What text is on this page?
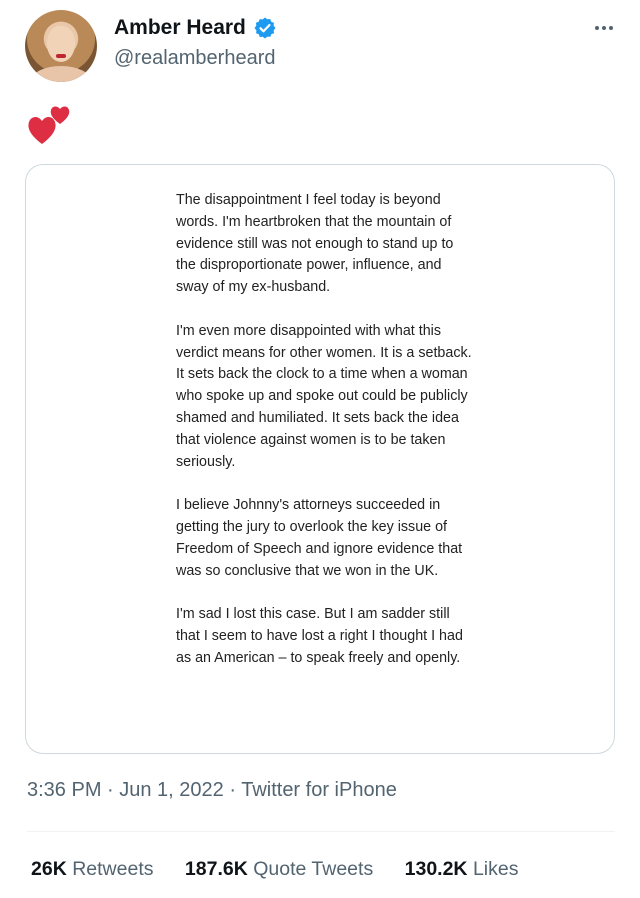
Amber Heard
@realamberheard

The disappointment I feel today is beyond words. I'm heartbroken that the mountain of evidence still was not enough to stand up to the disproportionate power, influence, and sway of my ex-husband.

I'm even more disappointed with what this verdict means for other women. It is a setback. It sets back the clock to a time when a woman who spoke up and spoke out could be publicly shamed and humiliated. It sets back the idea that violence against women is to be taken seriously.

I believe Johnny's attorneys succeeded in getting the jury to overlook the key issue of Freedom of Speech and ignore evidence that was so conclusive that we won in the UK.

I'm sad I lost this case. But I am sadder still that I seem to have lost a right I thought I had as an American – to speak freely and openly.

3:36 PM · Jun 1, 2022 · Twitter for iPhone
26K Retweets 187.6K Quote Tweets 130.2K Likes
